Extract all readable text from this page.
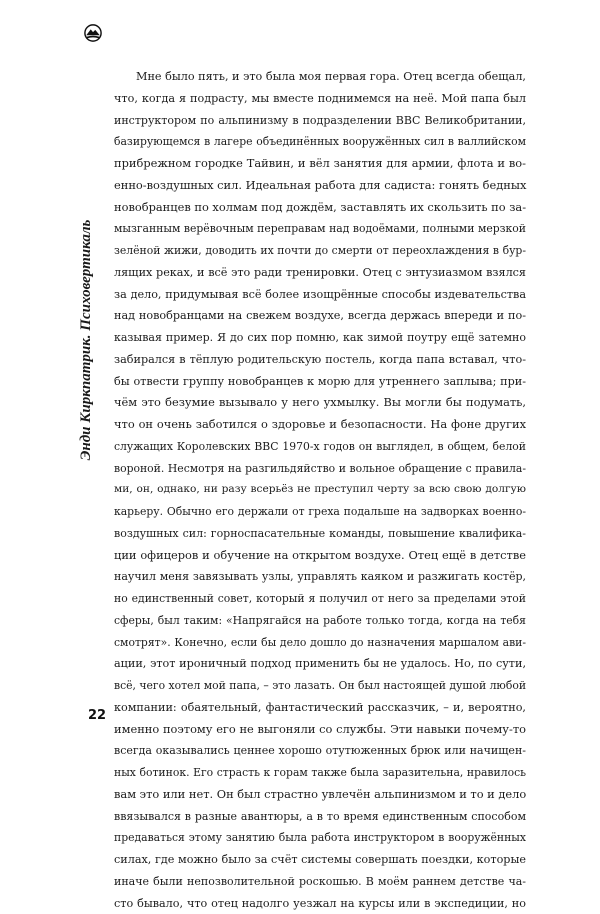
Энди Киркпатрик. Психовертикаль
Мне было пять, и это была моя первая гора. Отец всегда обещал,
что, когда я подрасту, мы вместе поднимемся на неё. Мой папа был
инструктором по альпинизму в подразделении ВВС Великобритании,
базирующемся в лагере объединённых вооружённых сил в валлийском
прибрежном городке Тайвин, и вёл занятия для армии, флота и во-
енно-воздушных сил. Идеальная работа для садиста: гонять бедных
новобранцев по холмам под дождём, заставлять их скользить по за-
мызганным верёвочным переправам над водоёмами, полными мерзкой
зелёной жижи, доводить их почти до смерти от переохлаждения в бур-
лящих реках, и всё это ради тренировки. Отец с энтузиазмом взялся
за дело, придумывая всё более изощрённые способы издевательства
над новобранцами на свежем воздухе, всегда держась впереди и по-
казывая пример. Я до сих пор помню, как зимой поутру ещё затемно
забирался в тёплую родительскую постель, когда папа вставал, что-
бы отвести группу новобранцев к морю для утреннего заплыва; при-
чём это безумие вызывало у него ухмылку. Вы могли бы подумать,
что он очень заботился о здоровье и безопасности. На фоне других
служащих Королевских ВВС 1970-х годов он выглядел, в общем, белой
вороной. Несмотря на разгильдяйство и вольное обращение с правила-
ми, он, однако, ни разу всерьёз не преступил черту за всю свою долгую
карьеру. Обычно его держали от греха подальше на задворках военно-
воздушных сил: горноспасательные команды, повышение квалифика-
ции офицеров и обучение на открытом воздухе. Отец ещё в детстве
научил меня завязывать узлы, управлять каяком и разжигать костёр,
но единственный совет, который я получил от него за пределами этой
сферы, был таким: «Напрягайся на работе только тогда, когда на тебя
смотрят». Конечно, если бы дело дошло до назначения маршалом ави-
ации, этот ироничный подход применить бы не удалось. Но, по сути,
всё, чего хотел мой папа, – это лазать. Он был настоящей душой любой
компании: обаятельный, фантастический рассказчик, – и, вероятно,
именно поэтому его не выгоняли со службы. Эти навыки почему-то
всегда оказывались ценнее хорошо отутюженных брюк или начищен-
ных ботинок. Его страсть к горам также была заразительна, нравилось
вам это или нет. Он был страстно увлечён альпинизмом и то и дело
ввязывался в разные авантюры, а в то время единственным способом
предаваться этому занятию была работа инструктором в вооружённых
силах, где можно было за счёт системы совершать поездки, которые
иначе были непозволительной роскошью. В моём раннем детстве ча-
сто бывало, что отец надолго уезжал на курсы или в экспедиции, но
22
